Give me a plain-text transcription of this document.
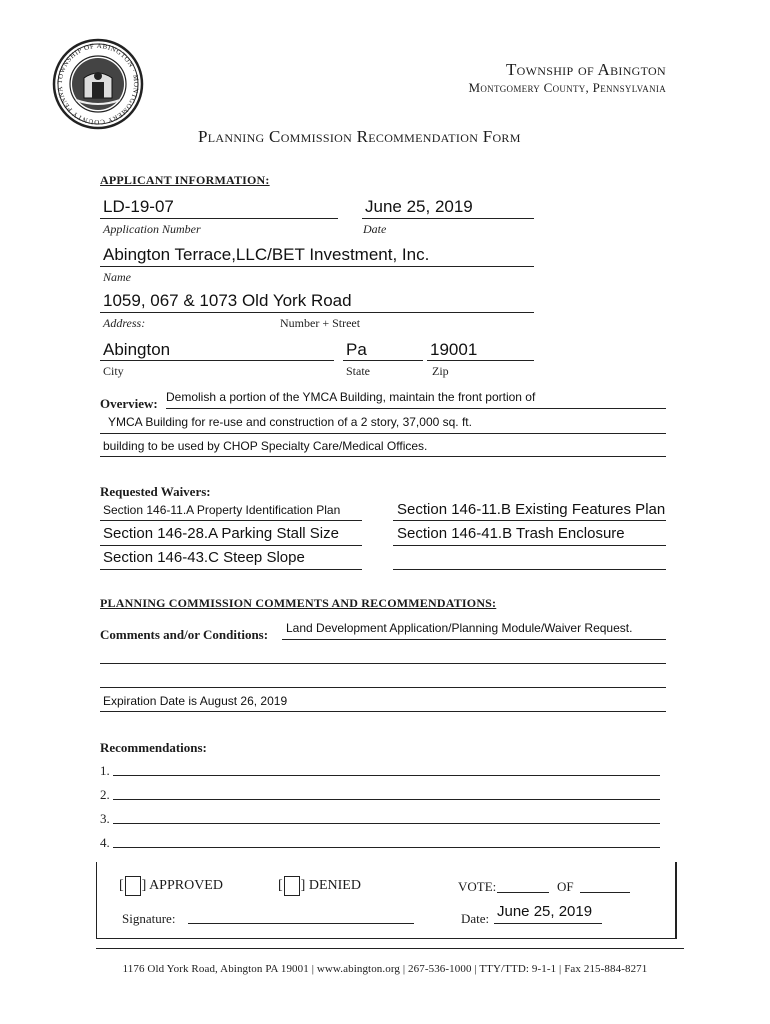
TOWNSHIP OF ABINGTON · MONTGOMERY COUNTY PENNA
Township of Abington
Montgomery County, Pennsylvania
Planning Commission Recommendation Form
APPLICANT INFORMATION:
LD-19-07
Application Number
June 25, 2019
Date
Abington Terrace,LLC/BET Investment, Inc.
Name
1059, 067 & 1073 Old York Road
Address:	Number + Street
Abington
City
Pa
State
19001
Zip
Overview: Demolish a portion of the YMCA Building, maintain the front portion of
YMCA Building for re-use and construction of a 2 story, 37,000 sq. ft.
building to be used by CHOP Specialty Care/Medical Offices.
Requested Waivers:
Section 146-11.A Property Identification Plan	Section 146-11.B Existing Features Plan
Section 146-28.A Parking Stall Size	Section 146-41.B Trash Enclosure
Section 146-43.C Steep Slope
PLANNING COMMISSION COMMENTS AND RECOMMENDATIONS:
Comments and/or Conditions: Land Development Application/Planning Module/Waiver Request.
Expiration Date is August 26, 2019
Recommendations:
1.
2.
3.
4.
[ ] APPROVED	[ ] DENIED	VOTE:	OF
Signature:	Date: June 25, 2019
1176 Old York Road, Abington PA 19001 | www.abington.org | 267-536-1000 | TTY/TTD: 9-1-1 | Fax 215-884-8271
